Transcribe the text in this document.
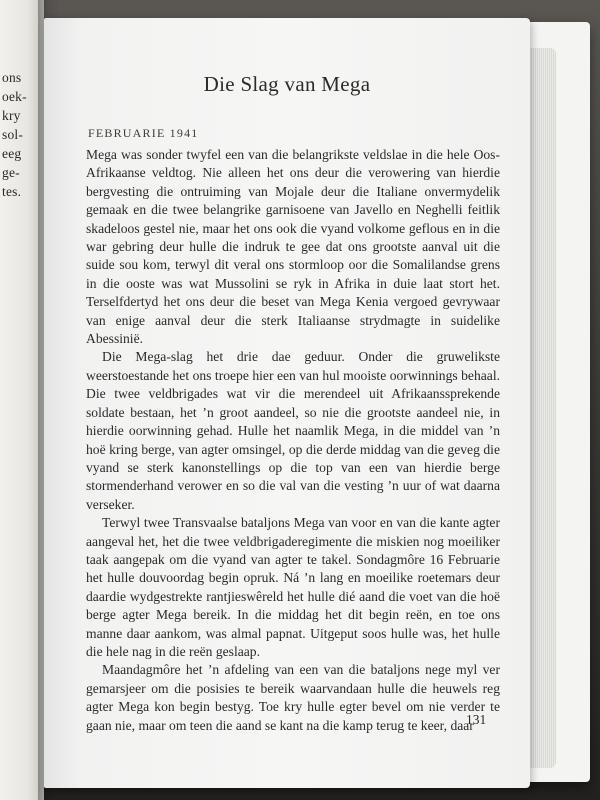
ons
oek-
kry
sol-
eeg
ge-
tes.
Die Slag van Mega
FEBRUARIE 1941

Mega was sonder twyfel een van die belangrikste veldslae in die hele Oos-Afrikaanse veldtog. Nie alleen het ons deur die verowering van hierdie bergvesting die ontruiming van Mojale deur die Italiane onvermydelik gemaak en die twee belangrike garnisoene van Javello en Neghelli feitlik skadeloos gestel nie, maar het ons ook die vyand volkome geflous en in die war gebring deur hulle die indruk te gee dat ons grootste aanval uit die suide sou kom, terwyl dit veral ons stormloop oor die Somalilandse grens in die ooste was wat Mussolini se ryk in Afrika in duie laat stort het. Terselfdertyd het ons deur die beset van Mega Kenia vergoed gevrywaar van enige aanval deur die sterk Italiaanse strydmagte in suidelike Abessinië.

Die Mega-slag het drie dae geduur. Onder die gruwelikste weerstoestande het ons troepe hier een van hul mooiste oorwinnings behaal. Die twee veldbrigades wat vir die merendeel uit Afrikaanssprekende soldate bestaan, het ’n groot aandeel, so nie die grootste aandeel nie, in hierdie oorwinning gehad. Hulle het naamlik Mega, in die middel van ’n hoë kring berge, van agter omsingel, op die derde middag van die geveg die vyand se sterk kanonstellings op die top van een van hierdie berge stormenderhand verower en so die val van die vesting ’n uur of wat daarna verseker.

Terwyl twee Transvaalse bataljons Mega van voor en van die kante agter aangeval het, het die twee veldbrigaderegimente die miskien nog moeiliker taak aangepak om die vyand van agter te takel. Sondagmôre 16 Februarie het hulle douvoordag begin opruk. Ná ’n lang en moeilike roetemars deur daardie wydgestrekte rantjieswêreld het hulle dié aand die voet van die hoë berge agter Mega bereik. In die middag het dit begin reën, en toe ons manne daar aankom, was almal papnat. Uitgeput soos hulle was, het hulle die hele nag in die reën geslaap.

Maandagmôre het ’n afdeling van een van die bataljons nege myl ver gemarsjeer om die posisies te bereik waarvandaan hulle die heuwels reg agter Mega kon begin bestyg. Toe kry hulle egter bevel om nie verder te gaan nie, maar om teen die aand se kant na die kamp terug te keer, daar

131
